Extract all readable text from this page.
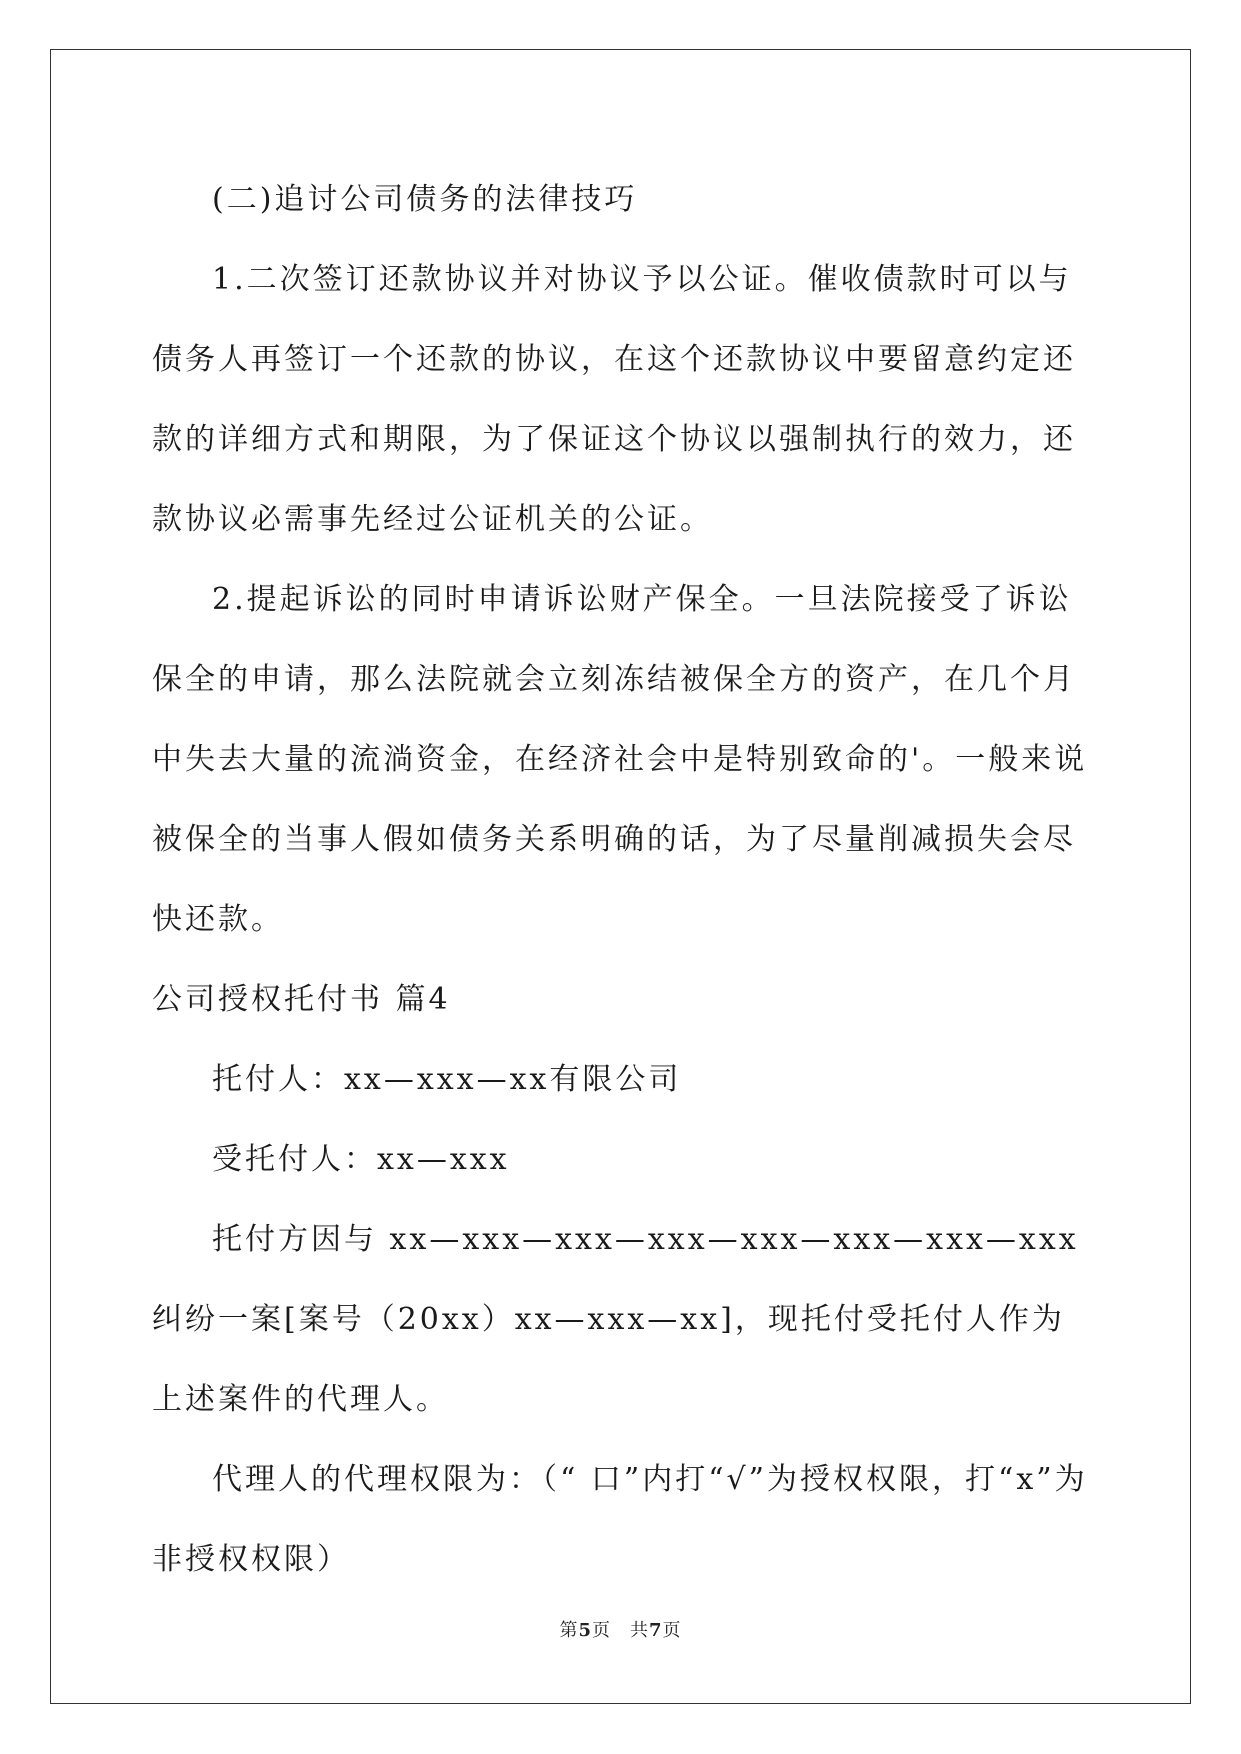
(二)追讨公司债务的法律技巧

1.二次签订还款协议并对协议予以公证。催收债款时可以与债务人再签订一个还款的协议，在这个还款协议中要留意约定还款的详细方式和期限，为了保证这个协议以强制执行的效力，还款协议必需事先经过公证机关的公证。

2.提起诉讼的同时申请诉讼财产保全。一旦法院接受了诉讼保全的申请，那么法院就会立刻冻结被保全方的资产，在几个月中失去大量的流淌资金，在经济社会中是特别致命的'。一般来说被保全的当事人假如债务关系明确的话，为了尽量削减损失会尽快还款。

公司授权托付书 篇4

托付人：xx—xxx—xx有限公司

受托付人：xx—xxx

托付方因与 xx—xxx—xxx—xxx—xxx—xxx—xxx—xxx 纠纷一案[案号（20xx）xx—xxx—xx]，现托付受托付人作为上述案件的代理人。

代理人的代理权限为：（“ 口”内打“√”为授权权限，打“x”为非授权权限）

第5页　共7页
